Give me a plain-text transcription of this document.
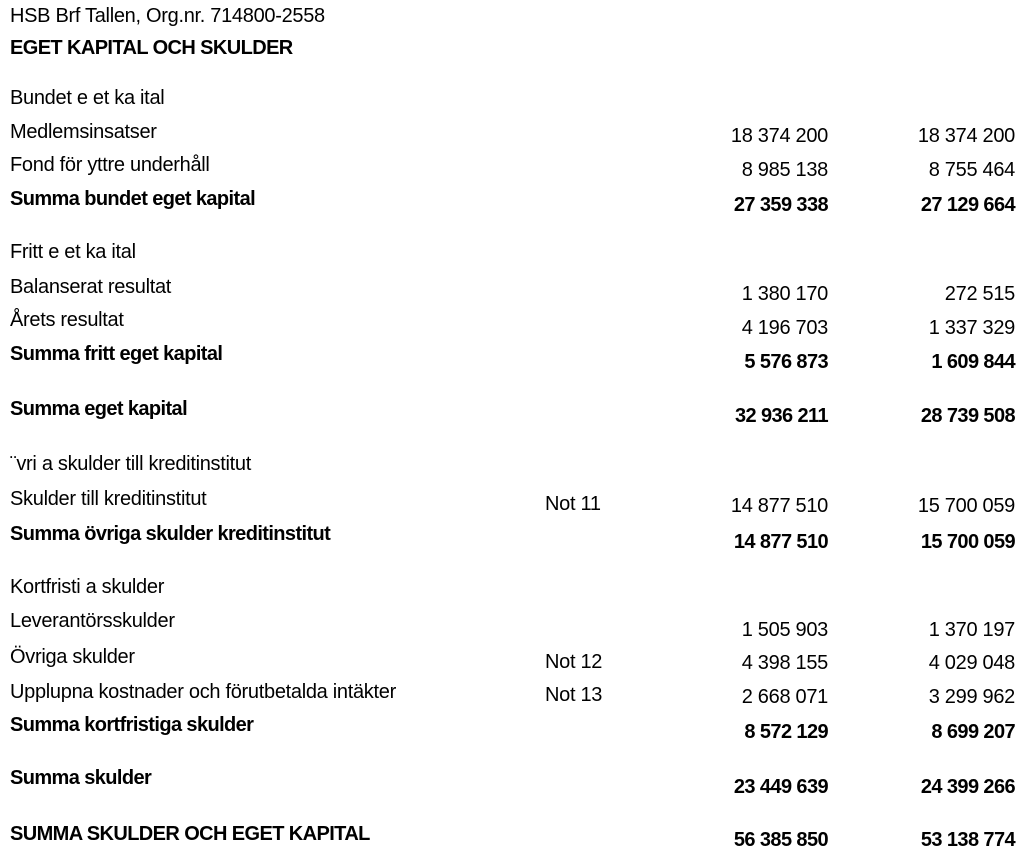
HSB Brf Tallen, Org.nr. 714800-2558
EGET KAPITAL OCH SKULDER
Bundet e et ka ital
Medlemsinsatser	18 374 200	18 374 200
Fond för yttre underhåll	8 985 138	8 755 464
Summa bundet eget kapital	27 359 338	27 129 664
Fritt e et ka ital
Balanserat resultat	1 380 170	272 515
Årets resultat	4 196 703	1 337 329
Summa fritt eget kapital	5 576 873	1 609 844
Summa eget kapital	32 936 211	28 739 508
¨vri a skulder till kreditinstitut
Skulder till kreditinstitut	Not 11	14 877 510	15 700 059
Summa övriga skulder kreditinstitut	14 877 510	15 700 059
Kortfristi a skulder
Leverantörsskulder	1 505 903	1 370 197
Övriga skulder	Not 12	4 398 155	4 029 048
Upplupna kostnader och förutbetalda intäkter	Not 13	2 668 071	3 299 962
Summa kortfristiga skulder	8 572 129	8 699 207
Summa skulder	23 449 639	24 399 266
SUMMA SKULDER OCH EGET KAPITAL	56 385 850	53 138 774
